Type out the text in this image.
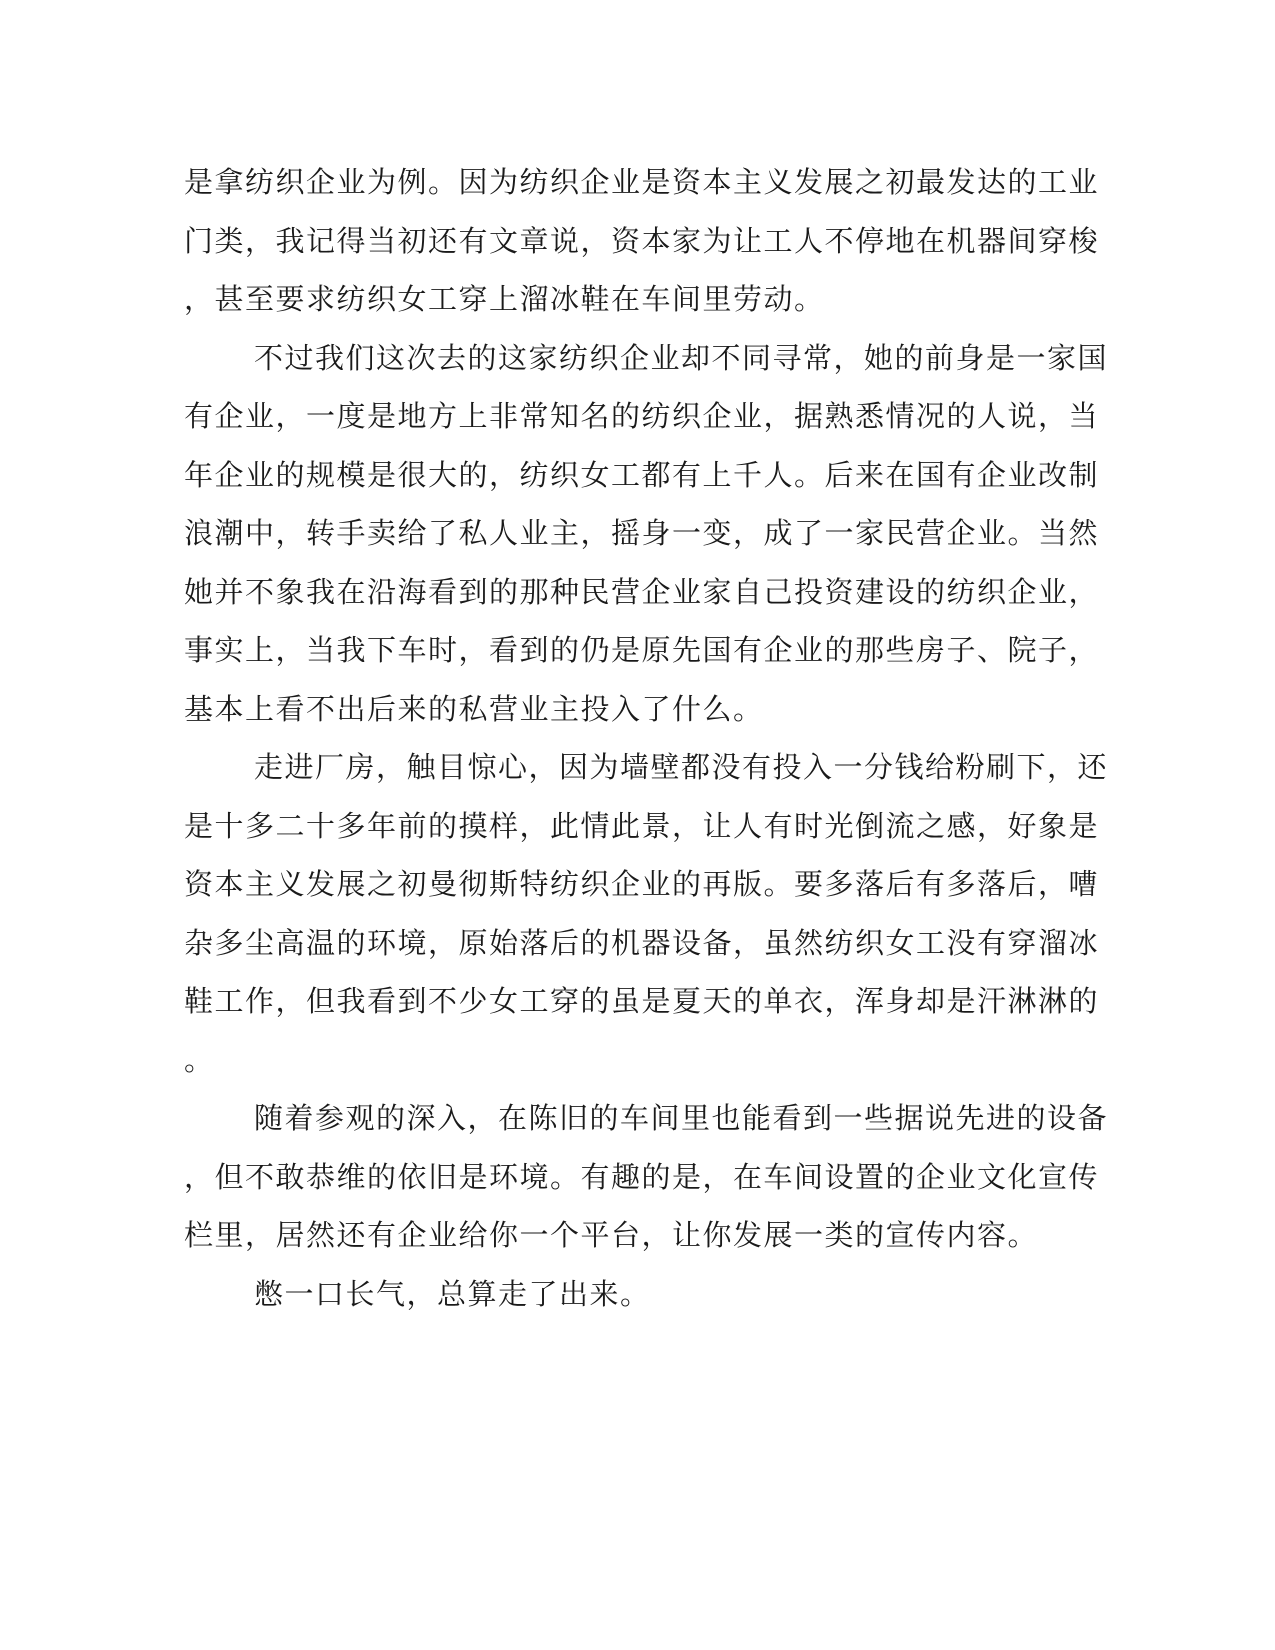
是拿纺织企业为例。因为纺织企业是资本主义发展之初最发达的工业
门类，我记得当初还有文章说，资本家为让工人不停地在机器间穿梭
，甚至要求纺织女工穿上溜冰鞋在车间里劳动。
不过我们这次去的这家纺织企业却不同寻常，她的前身是一家国
有企业，一度是地方上非常知名的纺织企业，据熟悉情况的人说，当
年企业的规模是很大的，纺织女工都有上千人。后来在国有企业改制
浪潮中，转手卖给了私人业主，摇身一变，成了一家民营企业。当然
她并不象我在沿海看到的那种民营企业家自己投资建设的纺织企业，
事实上，当我下车时，看到的仍是原先国有企业的那些房子、院子，
基本上看不出后来的私营业主投入了什么。
走进厂房，触目惊心，因为墙壁都没有投入一分钱给粉刷下，还
是十多二十多年前的摸样，此情此景，让人有时光倒流之感，好象是
资本主义发展之初曼彻斯特纺织企业的再版。要多落后有多落后，嘈
杂多尘高温的环境，原始落后的机器设备，虽然纺织女工没有穿溜冰
鞋工作，但我看到不少女工穿的虽是夏天的单衣，浑身却是汗淋淋的
。
随着参观的深入，在陈旧的车间里也能看到一些据说先进的设备
，但不敢恭维的依旧是环境。有趣的是，在车间设置的企业文化宣传
栏里，居然还有企业给你一个平台，让你发展一类的宣传内容。
憋一口长气，总算走了出来。
